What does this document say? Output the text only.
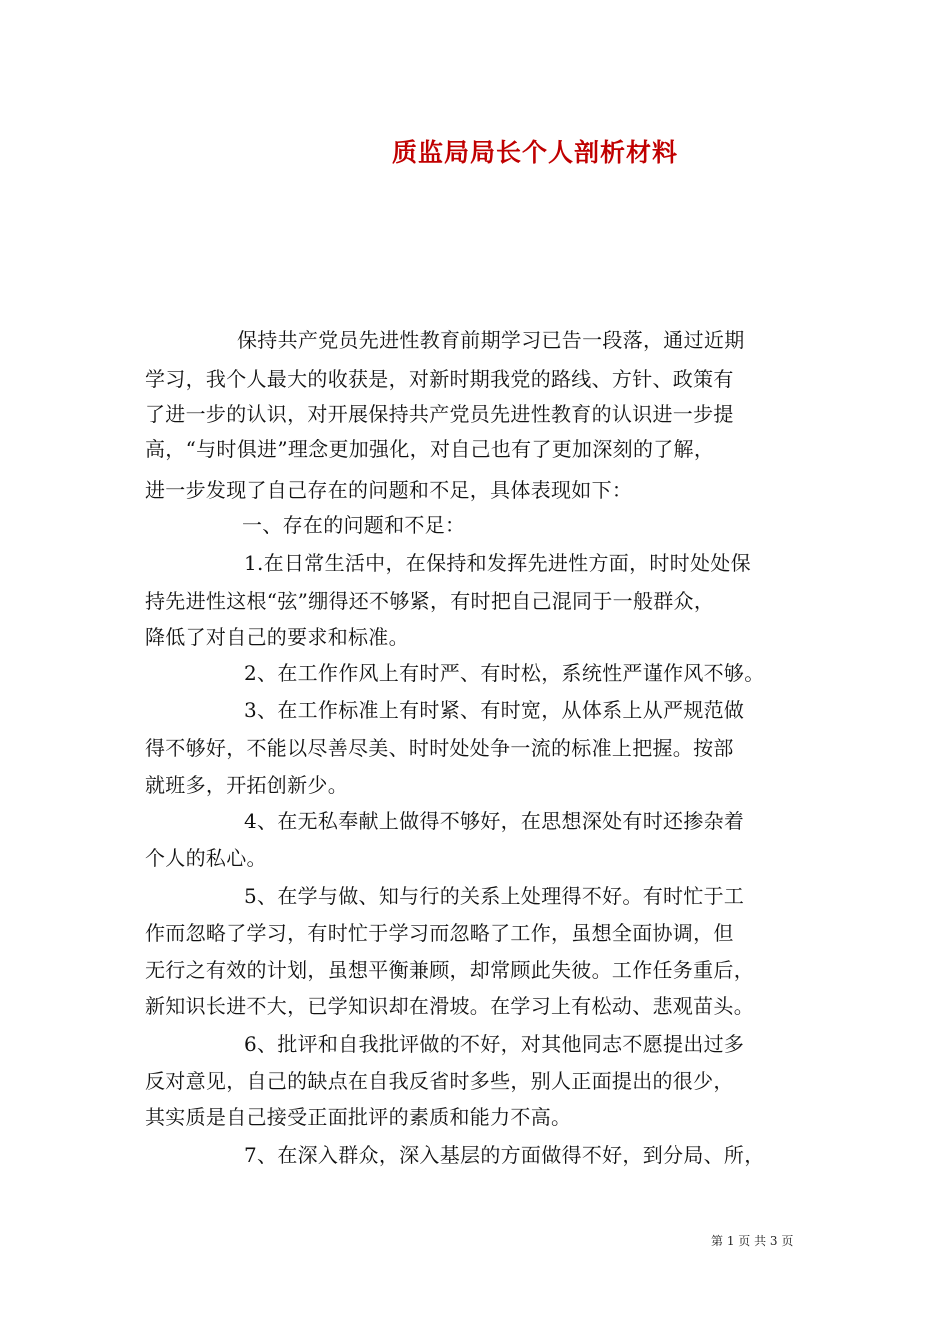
质监局局长个人剖析材料
保持共产党员先进性教育前期学习已告一段落，通过近期
学习，我个人最大的收获是，对新时期我党的路线、方针、政策有
了进一步的认识，对开展保持共产党员先进性教育的认识进一步提
高，“与时俱进”理念更加强化，对自己也有了更加深刻的了解，
进一步发现了自己存在的问题和不足，具体表现如下：
一、存在的问题和不足：
1.在日常生活中，在保持和发挥先进性方面，时时处处保
持先进性这根“弦”绷得还不够紧，有时把自己混同于一般群众，
降低了对自己的要求和标准。
2、在工作作风上有时严、有时松，系统性严谨作风不够。
3、在工作标准上有时紧、有时宽，从体系上从严规范做
得不够好，不能以尽善尽美、时时处处争一流的标准上把握。按部
就班多，开拓创新少。
4、在无私奉献上做得不够好，在思想深处有时还掺杂着
个人的私心。
5、在学与做、知与行的关系上处理得不好。有时忙于工
作而忽略了学习，有时忙于学习而忽略了工作，虽想全面协调，但
无行之有效的计划，虽想平衡兼顾，却常顾此失彼。工作任务重后，
新知识长进不大，已学知识却在滑坡。在学习上有松动、悲观苗头。
6、批评和自我批评做的不好，对其他同志不愿提出过多
反对意见，自己的缺点在自我反省时多些，别人正面提出的很少，
其实质是自己接受正面批评的素质和能力不高。
7、在深入群众，深入基层的方面做得不好，到分局、所，
第 1 页 共 3 页
